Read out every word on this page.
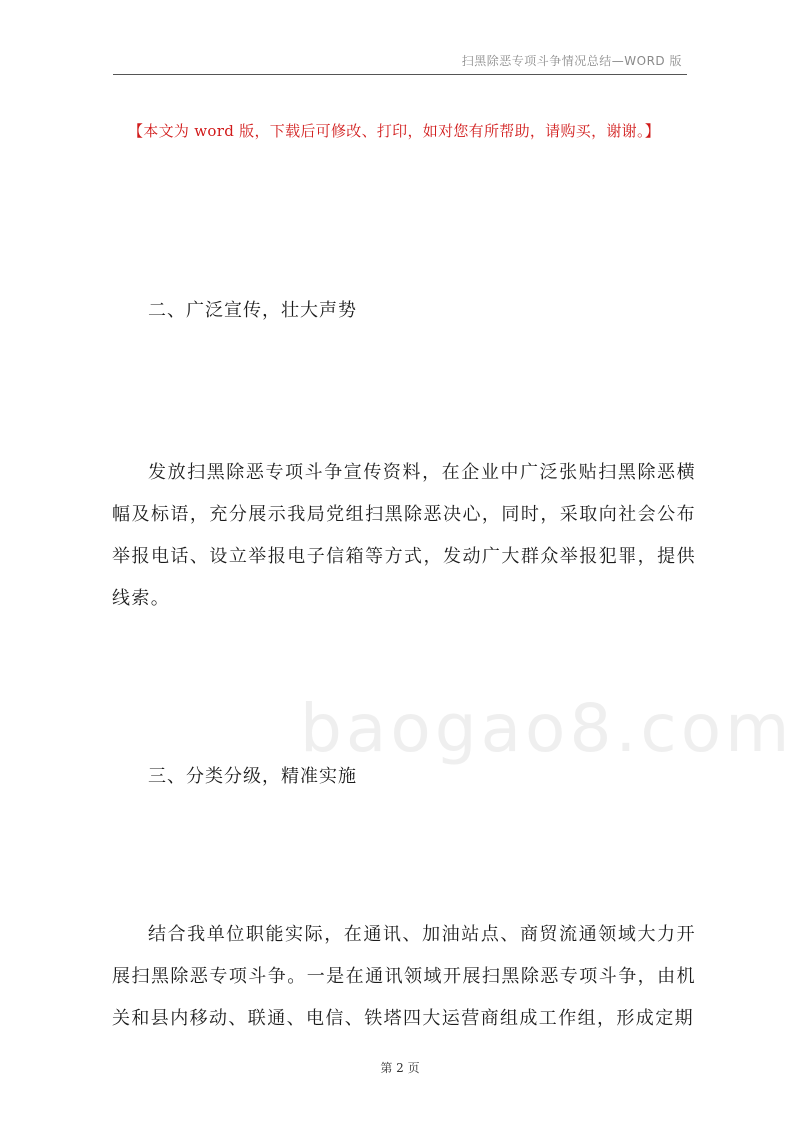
扫黑除恶专项斗争情况总结—WORD 版
【本文为 word 版，下载后可修改、打印，如对您有所帮助，请购买，谢谢。】
二、广泛宣传，壮大声势

发放扫黑除恶专项斗争宣传资料，在企业中广泛张贴扫黑除恶横幅及标语，充分展示我局党组扫黑除恶决心，同时，采取向社会公布举报电话、设立举报电子信箱等方式，发动广大群众举报犯罪，提供线索。

baogao8.com
三、分类分级，精准实施

结合我单位职能实际，在通讯、加油站点、商贸流通领域大力开展扫黑除恶专项斗争。一是在通讯领域开展扫黑除恶专项斗争，由机关和县内移动、联通、电信、铁塔四大运营商组成工作组，形成定期

第 2 页
